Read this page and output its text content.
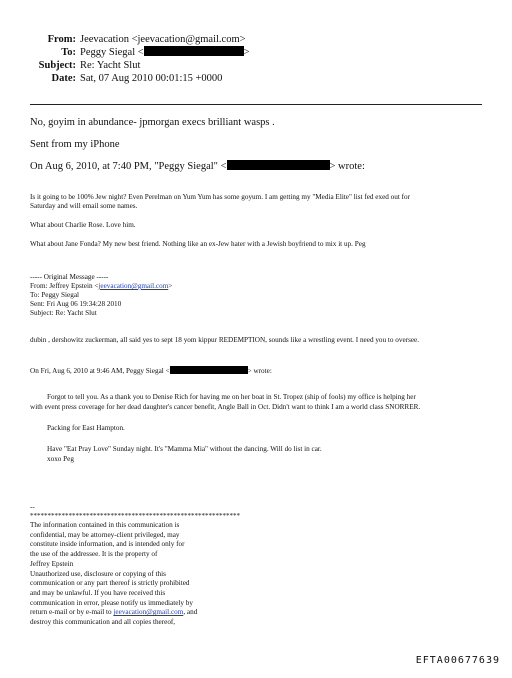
From: Jeevacation <jeevacation@gmail.com>
To: Peggy Siegal <	>
Subject: Re: Yacht Slut
Date: Sat, 07 Aug 2010 00:01:15 +0000
No, goyim in abundance- jpmorgan execs brilliant wasps .
Sent from my iPhone
On Aug 6, 2010, at 7:40 PM, "Peggy Siegal" <	> wrote:
Is it going to be 100% Jew night? Even Perelman on Yum Yum has some goyum. I am getting my "Media Elite" list fed exed out for
Saturday and will email some names.
What about Charlie Rose. Love him.
What about Jane Fonda? My new best friend. Nothing like an ex-Jew hater with a Jewish boyfriend to mix it up. Peg
----- Original Message -----
From: Jeffrey Epstein <jeevacation@gmail.com>
To: Peggy Siegal
Sent: Fri Aug 06 19:34:28 2010
Subject: Re: Yacht Slut
dubin , dershowitz zuckerman, all said yes to sept 18 yom kippur REDEMPTION, sounds like a wrestling event. I need you to oversee.
On Fri, Aug 6, 2010 at 9:46 AM, Peggy Siegal <	> wrote:
Forgot to tell you. As a thank you to Denise Rich for having me on her boat in St. Tropez (ship of fools) my office is helping her
with event press coverage for her dead daughter's cancer benefit, Angle Ball in Oct. Didn't want to think I am a world class SNORRER.
Packing for East Hampton.
Have "Eat Pray Love" Sunday night. It's "Mamma Mia" without the dancing. Will do list in car.
xoxo Peg
--
************************************************************
The information contained in this communication is
confidential, may be attorney-client privileged, may
constitute inside information, and is intended only for
the use of the addressee. It is the property of
Jeffrey Epstein
Unauthorized use, disclosure or copying of this
communication or any part thereof is strictly prohibited
and may be unlawful. If you have received this
communication in error, please notify us immediately by
return e-mail or by e-mail to jeevacation@gmail.com, and
destroy this communication and all copies thereof,
EFTA00677639
